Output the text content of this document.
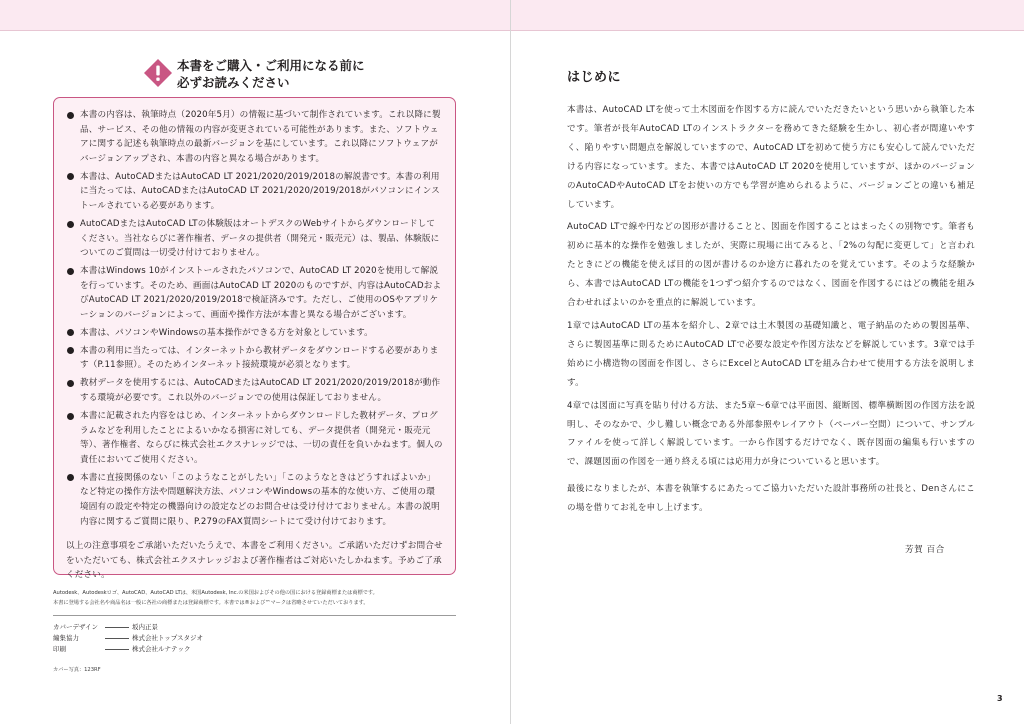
本書をご購入・ご利用になる前に
必ずお読みください
本書の内容は、執筆時点（2020年5月）の情報に基づいて制作されています。これ以降に製品、サービス、その他の情報の内容が変更されている可能性があります。また、ソフトウェアに関する記述も執筆時点の最新バージョンを基にしています。これ以降にソフトウェアがバージョンアップされ、本書の内容と異なる場合があります。
本書は、AutoCADまたはAutoCAD LT 2021/2020/2019/2018の解説書です。本書の利用に当たっては、AutoCADまたはAutoCAD LT 2021/2020/2019/2018がパソコンにインストールされている必要があります。
AutoCADまたはAutoCAD LTの体験版はオートデスクのWebサイトからダウンロードしてください。当社ならびに著作権者、データの提供者（開発元・販売元）は、製品、体験版についてのご質問は一切受け付けておりません。
本書はWindows 10がインストールされたパソコンで、AutoCAD LT 2020を使用して解説を行っています。そのため、画面はAutoCAD LT 2020のものですが、内容はAutoCADおよびAutoCAD LT 2021/2020/2019/2018で検証済みです。ただし、ご使用のOSやアプリケーションのバージョンによって、画面や操作方法が本書と異なる場合がございます。
本書は、パソコンやWindowsの基本操作ができる方を対象としています。
本書の利用に当たっては、インターネットから教材データをダウンロードする必要があります（P.11参照）。そのためインターネット接続環境が必須となります。
教材データを使用するには、AutoCADまたはAutoCAD LT 2021/2020/2019/2018が動作する環境が必要です。これ以外のバージョンでの使用は保証しておりません。
本書に記載された内容をはじめ、インターネットからダウンロードした教材データ、プログラムなどを利用したことによるいかなる損害に対しても、データ提供者（開発元・販売元等）、著作権者、ならびに株式会社エクスナレッジでは、一切の責任を負いかねます。個人の責任においてご使用ください。
本書に直接関係のない「このようなことがしたい」「このようなときはどうすればよいか」など特定の操作方法や問題解決方法、パソコンやWindowsの基本的な使い方、ご使用の環境固有の設定や特定の機器向けの設定などのお問合せは受け付けておりません。本書の説明内容に関するご質問に限り、P.279のFAX質問シートにて受け付けております。
以上の注意事項をご承諾いただいたうえで、本書をご利用ください。ご承諾いただけずお問合せをいただいても、株式会社エクスナレッジおよび著作権者はご対応いたしかねます。予めご了承ください。
Autodesk、Autodeskロゴ、AutoCAD、AutoCAD LTは、米国Autodesk, Inc.の米国およびその他の国における登録商標または商標です。
本書に登場する会社名や商品名は一般に各社の商標または登録商標です。本書では®および™マークは省略させていただいております。
カバーデザイン	坂内正景
編集協力	株式会社トップスタジオ
印刷	株式会社ルナテック
カバー写真：123RF
はじめに

本書は、AutoCAD LTを使って土木図面を作図する方に読んでいただきたいという思いから執筆した本です。筆者が長年AutoCAD LTのインストラクターを務めてきた経験を生かし、初心者が間違いやすく、陥りやすい問題点を解説していますので、AutoCAD LTを初めて使う方にも安心して読んでいただける内容になっています。また、本書ではAutoCAD LT 2020を使用していますが、ほかのバージョンのAutoCADやAutoCAD LTをお使いの方でも学習が進められるように、バージョンごとの違いも補足しています。

AutoCAD LTで線や円などの図形が書けることと、図面を作図することはまったくの別物です。筆者も初めに基本的な操作を勉強しましたが、実際に現場に出てみると、「2%の勾配に変更して」と言われたときにどの機能を使えば目的の図が書けるのか途方に暮れたのを覚えています。そのような経験から、本書ではAutoCAD LTの機能を1つずつ紹介するのではなく、図面を作図するにはどの機能を組み合わせればよいのかを重点的に解説しています。

1章ではAutoCAD LTの基本を紹介し、2章では土木製図の基礎知識と、電子納品のための製図基準、さらに製図基準に則るためにAutoCAD LTで必要な設定や作図方法などを解説しています。3章では手始めに小構造物の図面を作図し、さらにExcelとAutoCAD LTを組み合わせて使用する方法を説明します。

4章では図面に写真を貼り付ける方法、また5章～6章では平面図、縦断図、標準横断図の作図方法を説明し、そのなかで、少し難しい概念である外部参照やレイアウト（ペーパー空間）について、サンプルファイルを使って詳しく解説しています。一から作図するだけでなく、既存図面の編集も行いますので、課題図面の作図を一通り終える頃には応用力が身についていると思います。

最後になりましたが、本書を執筆するにあたってご協力いただいた設計事務所の社長と、Denさんにこの場を借りてお礼を申し上げます。

芳賀 百合
3
